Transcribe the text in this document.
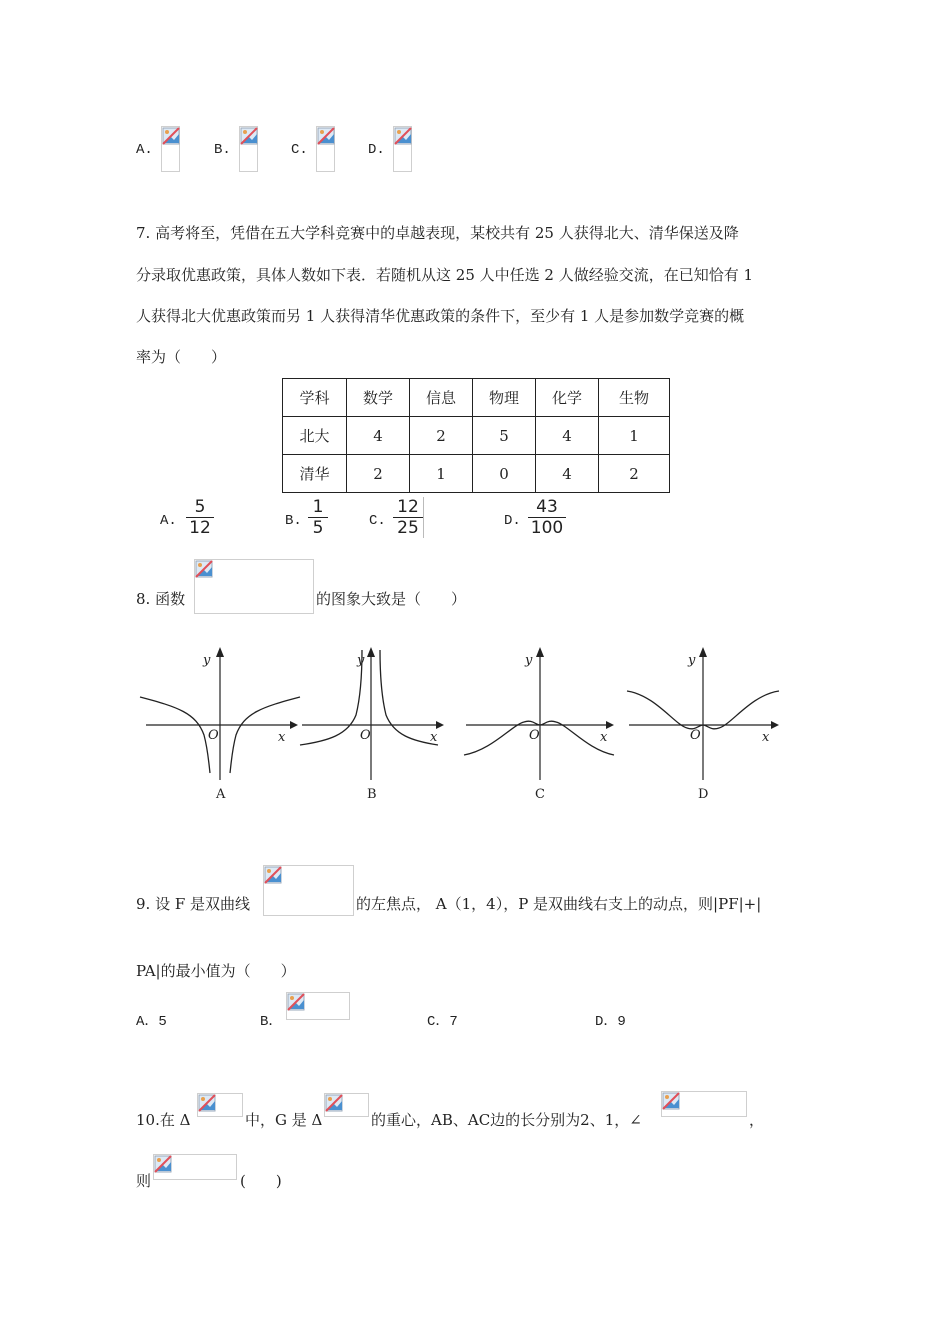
A.	B.	C.	D.
7. 高考将至，凭借在五大学科竞赛中的卓越表现，某校共有 25 人获得北大、清华保送及降
分录取优惠政策，具体人数如下表．若随机从这 25 人中任选 2 人做经验交流，在已知恰有 1
人获得北大优惠政策而另 1 人获得清华优惠政策的条件下，至少有 1 人是参加数学竞赛的概
率为（　　）
学科	数学	信息	物理	化学	生物
北大	4	2	5	4	1
清华	2	1	0	4	2
A. $\frac{5}{12}$	B. $\frac{1}{5}$	C. $\frac{12}{25}$	D. $\frac{43}{100}$
8. 函数	的图象大致是（　　）
y
x
O
A
y
x
O
B
y
x
O
C
y
x
O
D
9. 设 F 是双曲线	的左焦点， A（1，4），P 是双曲线右支上的动点，则|PF|+|
PA|的最小值为（　　）
A．5	B．	C．7	D．9
10.在 Δ	中，G 是 Δ	的重心，AB、AC边的长分别为2、1，∠	，
则	(　　)
